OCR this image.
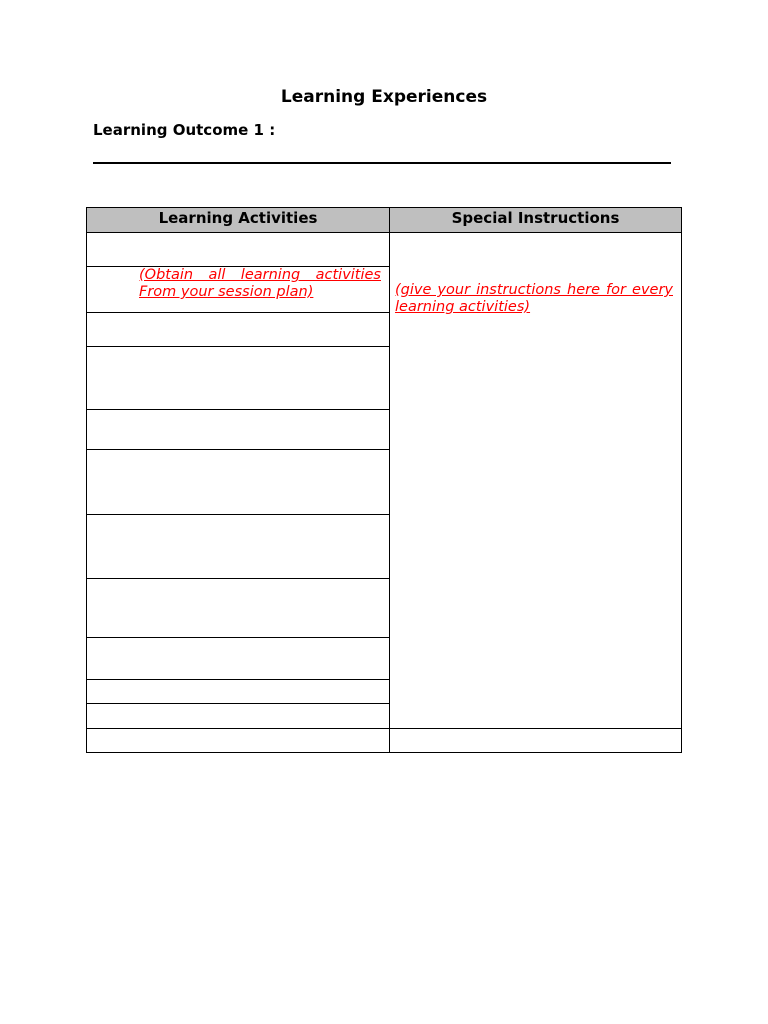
Learning Experiences
Learning Outcome 1 :
Learning Activities	Special Instructions
(Obtain all learning activities From your session plan)	(give your instructions here for every learning activities)
